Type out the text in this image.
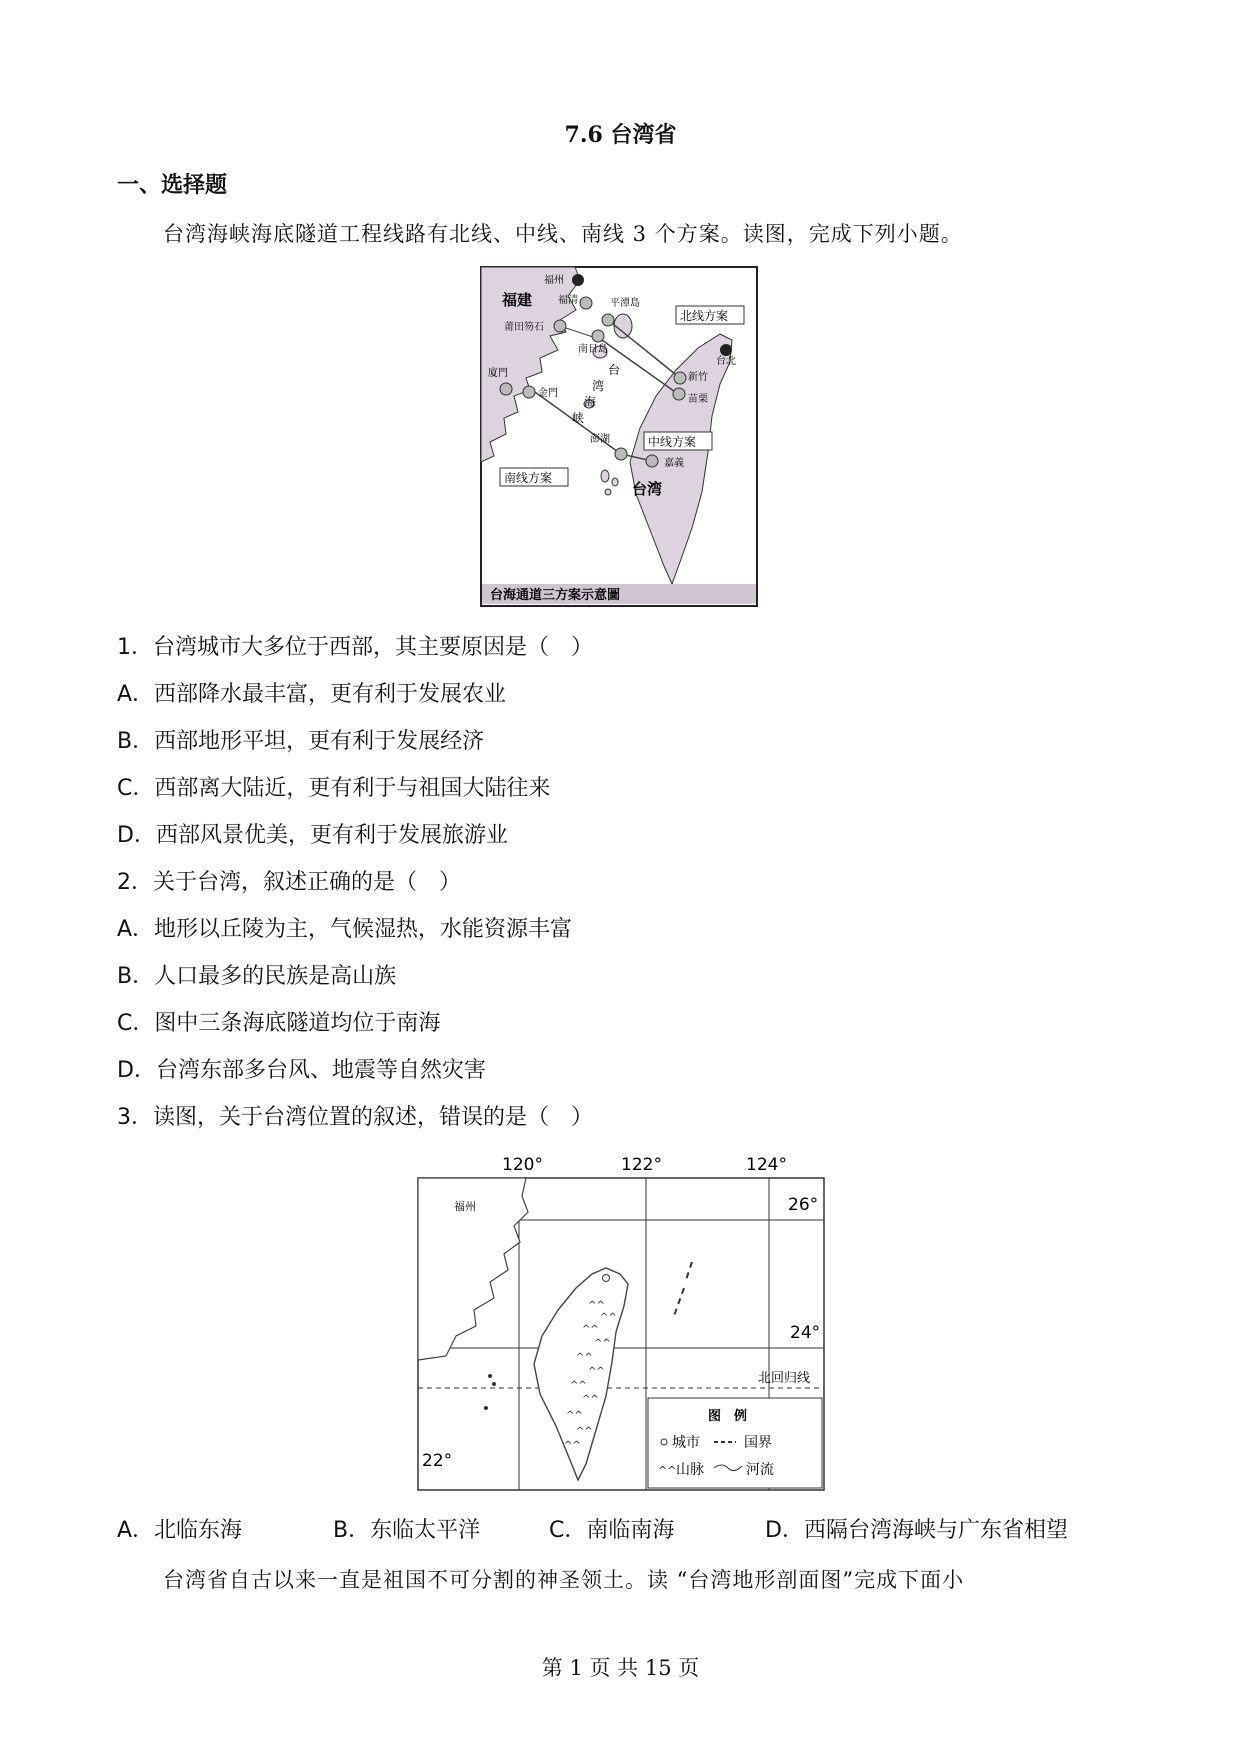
7.6 台湾省
一、选择题
台湾海峡海底隧道工程线路有北线、中线、南线 3 个方案。读图，完成下列小题。
福州
福清	平潭島
福建
莆田笏石
南日島
廈門
金門
台
湾
海
峡
澎湖
嘉義
台湾
台北
新竹
苗栗
北线方案
中线方案
南线方案
台海通道三方案示意圖
1．台湾城市大多位于西部，其主要原因是（　）
A．西部降水最丰富，更有利于发展农业
B．西部地形平坦，更有利于发展经济
C．西部离大陆近，更有利于与祖国大陆往来
D．西部风景优美，更有利于发展旅游业
2．关于台湾，叙述正确的是（　）
A．地形以丘陵为主，气候湿热，水能资源丰富
B．人口最多的民族是高山族
C．图中三条海底隧道均位于南海
D．台湾东部多台风、地震等自然灾害
3．读图，关于台湾位置的叙述，错误的是（　）
120°	122°	124°
26°
24°
22°
北回归线
福州
^^
^^
^^
^^
^^
^^
^^
^^
^^
^^
^^
图　例
城市	国界
^^ 山脉	河流
A．北临东海	B．东临太平洋	C．南临南海	D．西隔台湾海峡与广东省相望
台湾省自古以来一直是祖国不可分割的神圣领土。读 “台湾地形剖面图”完成下面小
第 1 页 共 15 页
